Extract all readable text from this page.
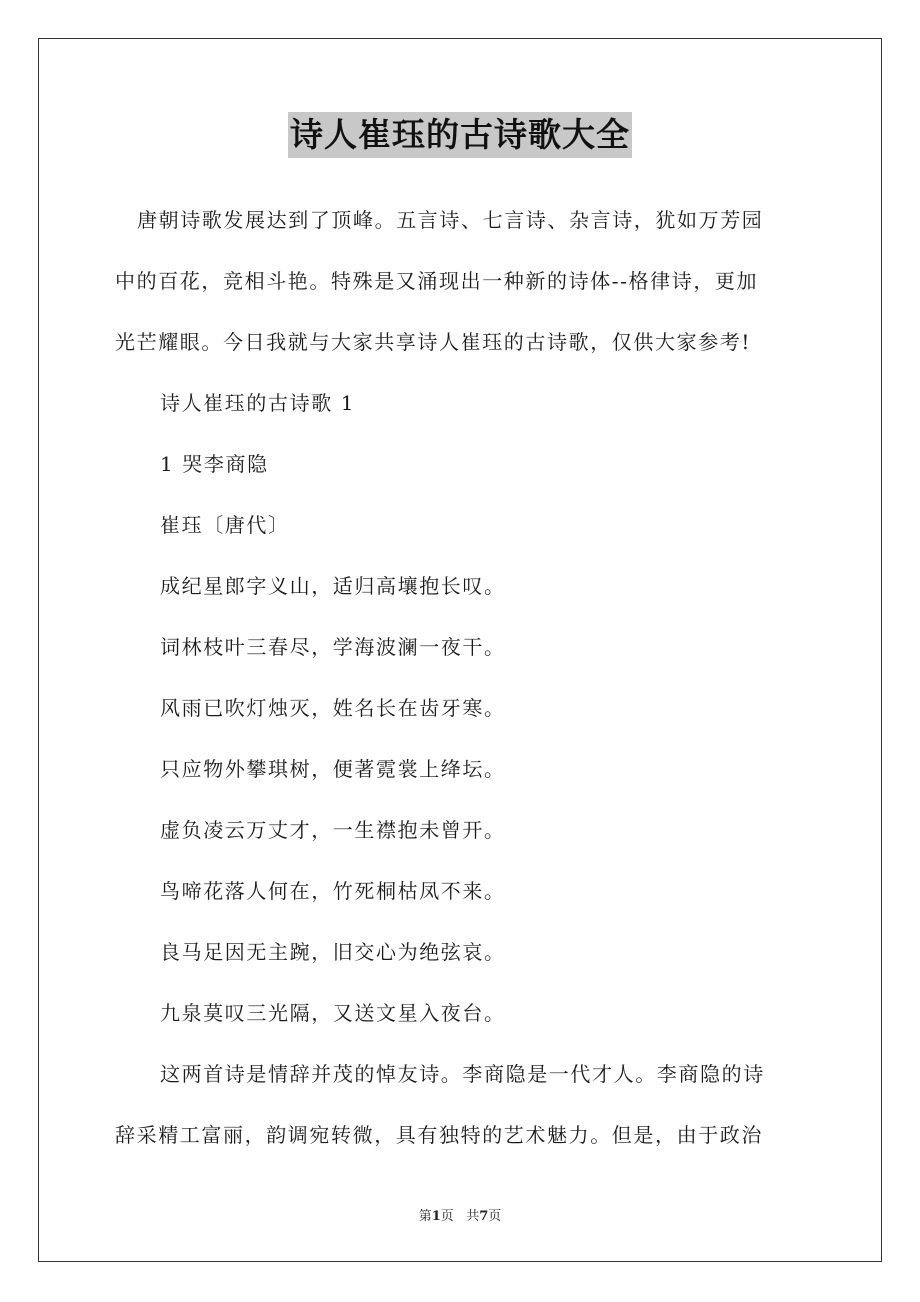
诗人崔珏的古诗歌大全
唐朝诗歌发展达到了顶峰。五言诗、七言诗、杂言诗，犹如万芳园
中的百花，竞相斗艳。特殊是又涌现出一种新的诗体--格律诗，更加
光芒耀眼。今日我就与大家共享诗人崔珏的古诗歌，仅供大家参考!
诗人崔珏的古诗歌 1
1 哭李商隐
崔珏〔唐代〕
成纪星郎字义山，适归高壤抱长叹。
词林枝叶三春尽，学海波澜一夜干。
风雨已吹灯烛灭，姓名长在齿牙寒。
只应物外攀琪树，便著霓裳上绛坛。
虚负凌云万丈才，一生襟抱未曾开。
鸟啼花落人何在，竹死桐枯凤不来。
良马足因无主踠，旧交心为绝弦哀。
九泉莫叹三光隔，又送文星入夜台。
这两首诗是情辞并茂的悼友诗。李商隐是一代才人。李商隐的诗
辞采精工富丽，韵调宛转微，具有独特的艺术魅力。但是，由于政治
第1页 共7页
